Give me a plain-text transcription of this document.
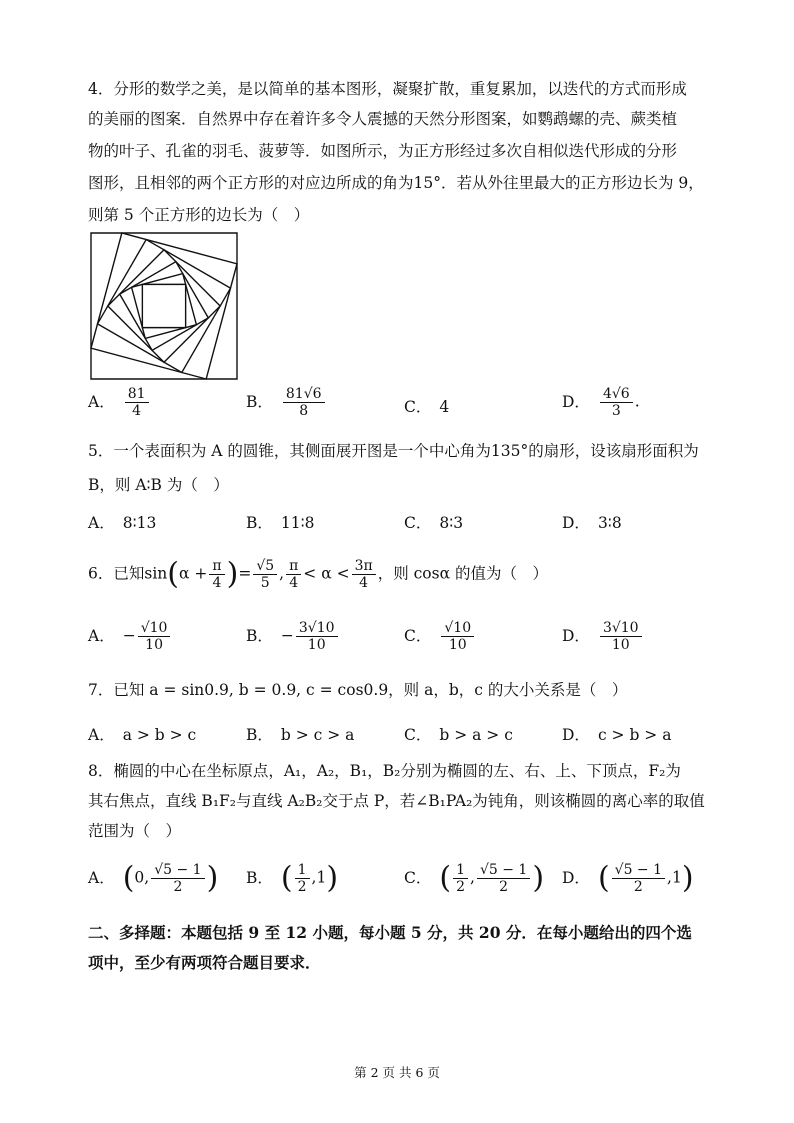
4．分形的数学之美，是以简单的基本图形，凝聚扩散，重复累加，以迭代的方式而形成
的美丽的图案．自然界中存在着许多令人震撼的天然分形图案，如鹦鹉螺的壳、蕨类植
物的叶子、孔雀的羽毛、菠萝等．如图所示，为正方形经过多次自相似迭代形成的分形
图形，且相邻的两个正方形的对应边所成的角为15°．若从外往里最大的正方形边长为 9，
则第 5 个正方形的边长为（　）
A． $\frac{81}{4}$	B． $\frac{81√6}{8}$	C． 4	D． $\frac{4√6}{3}$ .
5．一个表面积为 A 的圆锥，其侧面展开图是一个中心角为135°的扇形，设该扇形面积为
B，则 A∶B 为（　）
A． 8∶13	B． 11∶8	C． 8∶3	D． 3∶8
6．已知$\sin(\alpha + \frac{\pi}{4}$ )= $\frac{√5}{5}$ , $\frac{\pi}{4} < \alpha < \frac{3\pi}{4}$ ，则 cosα 的值为（　）
A． − $\frac{√10}{10}$	B． − $\frac{3√10}{10}$	C． $\frac{√10}{10}$	D． $\frac{3√10}{10}$
7．已知 a = sin0.9, b = 0.9, c = cos0.9，则 a，b，c 的大小关系是（　）
A． a > b > c	B． b > c > a	C． b > a > c	D． c > b > a
8．椭圆的中心在坐标原点，A₁，A₂，B₁，B₂分别为椭圆的左、右、上、下顶点，F₂为
其右焦点，直线 B₁F₂与直线 A₂B₂交于点 P，若∠B₁PA₂为钝角，则该椭圆的离心率的取值
范围为（　）
A． (0, $\frac{√5 - 1}{2}$ ) B． ( $\frac{1}{2} ,1$)	C． ( $\frac{1}{2}$ , $\frac{√5 - 1}{2}$ ) D． ( $\frac{√5 - 1}{2} ,1$)
二、多择题：本题包括 9 至 12 小题，每小题 5 分，共 20 分．在每小题给出的四个选
项中，至少有两项符合题目要求．
第 2 页 共 6 页
